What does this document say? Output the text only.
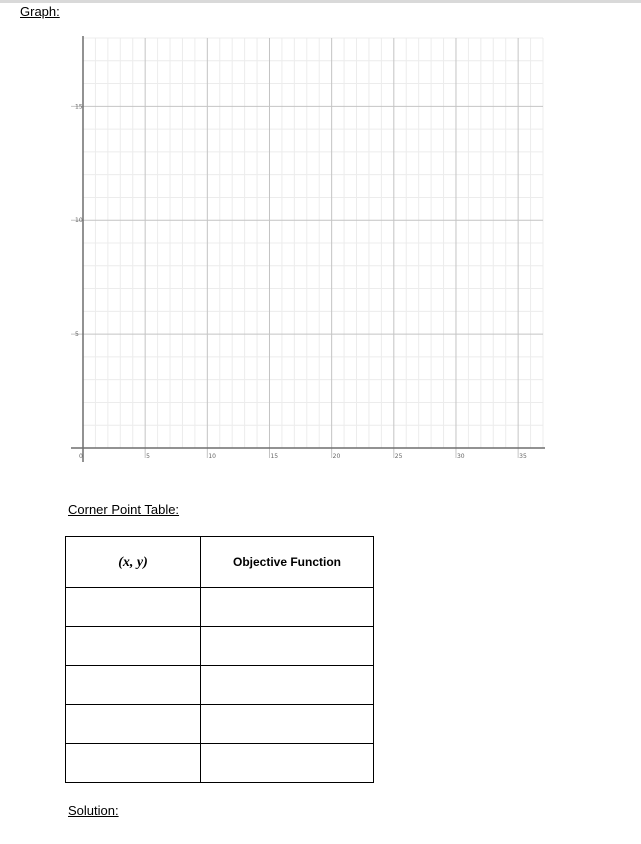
Graph:
0	5	10	15	20	25	30	35
5
10
15
Corner Point Table:
(x, y)	Objective Function

Solution:
